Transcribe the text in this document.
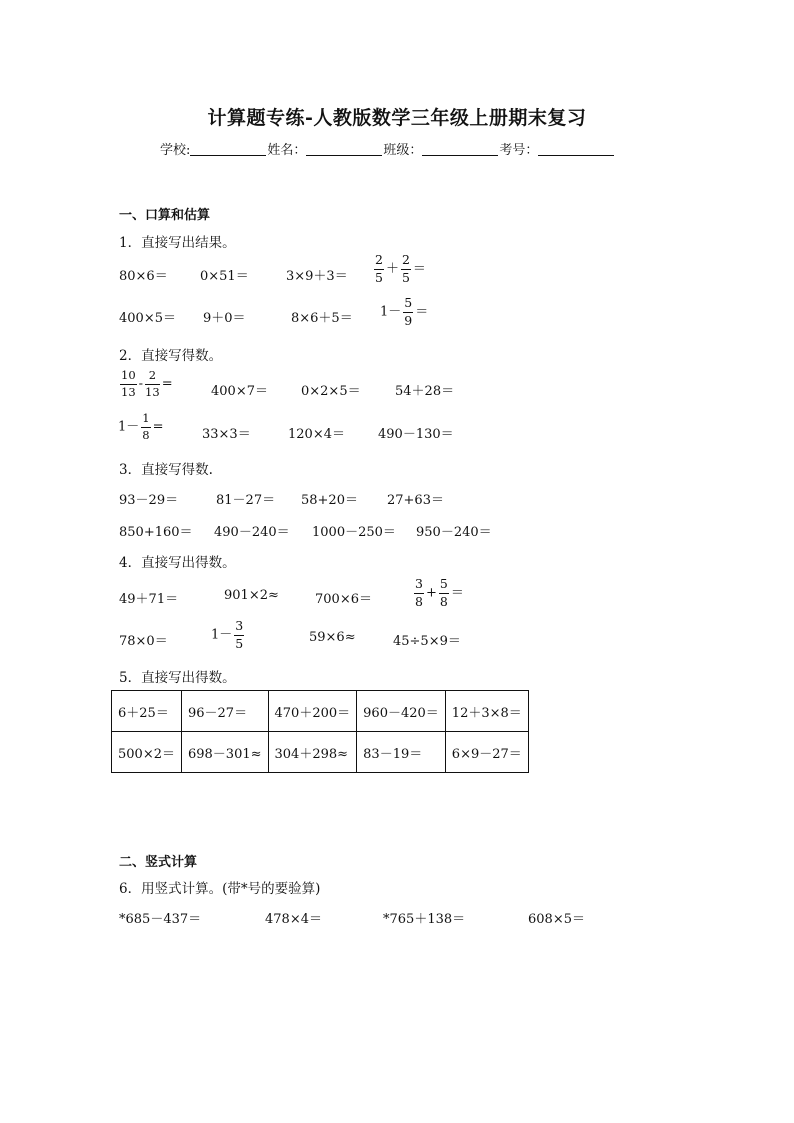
计算题专练-人教版数学三年级上册期末复习
学校:	姓名：	班级：	考号：
一、口算和估算
1．直接写出结果。
80×6＝ 0×51＝	$3\times 9+3= \frac{2}{5} + \frac{2}{5}$ ＝
400×5＝ 9＋0＝	$8\times 6+5= 1- \frac{5}{9}$ ＝
2．直接写得数。
$\frac{10}{13} - \frac{2}{13}$ =	400×7＝	0×2×5＝	54＋28＝
$1- \frac{1}{8}$ =	33×3＝	120×4＝	490－130＝
3．直接写得数.
93－29＝	81－27＝ 58+20＝ 27+63＝
850+160＝ 490－240＝ 1000－250＝ 950－240＝
4．直接写出得数。
49＋71＝	901×2≈	700×6＝	$\frac{3}{8} + \frac{5}{8}$ ＝
78×0＝	$1- \frac{3}{5}$	59×6≈	45÷5×9＝
5．直接写出得数。
6＋25＝	96－27＝	470＋200＝	960－420＝	12＋3×8＝
500×2＝	698－301≈	304＋298≈	83－19＝	6×9－27＝
二、竖式计算
6．用竖式计算。(带*号的要验算)
*685－437＝	478×4＝	*765＋138＝	608×5＝
